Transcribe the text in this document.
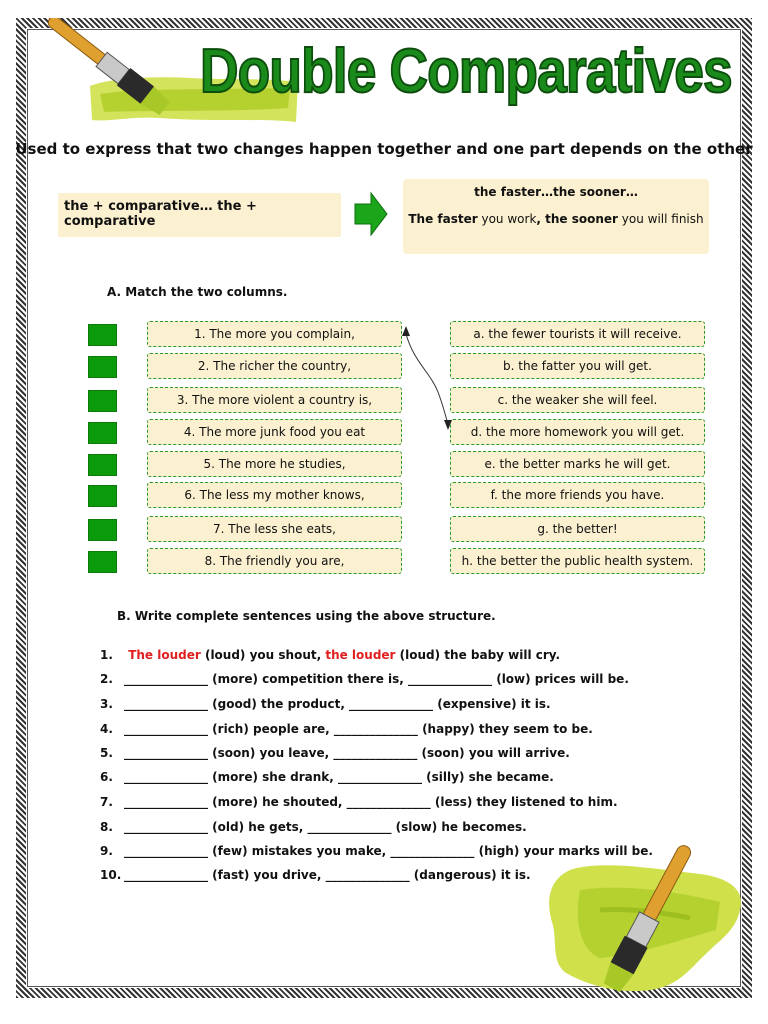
Double Comparatives
Used to express that two changes happen together and one part depends on the other
the + comparative… the + comparative
the faster…the sooner…
The faster you work, the sooner you will finish
A. Match the two columns.
1. The more you complain,
2. The richer the country,
3. The more violent a country is,
4. The more junk food you eat
5. The more he studies,
6. The less my mother knows,
7. The less she eats,
8. The friendly you are,
a. the fewer tourists it will receive.
b. the fatter you will get.
c. the weaker she will feel.
d. the more homework you will get.
e. the better marks he will get.
f. the more friends you have.
g. the better!
h. the better the public health system.
B. Write complete sentences using the above structure.
1. The louder (loud) you shout, the louder (loud) the baby will cry.
2. ______________ (more) competition there is, ______________ (low) prices will be.
3. ______________ (good) the product, ______________ (expensive) it is.
4. ______________ (rich) people are, ______________ (happy) they seem to be.
5. ______________ (soon) you leave, ______________ (soon) you will arrive.
6. ______________ (more) she drank, ______________ (silly) she became.
7. ______________ (more) he shouted, ______________ (less) they listened to him.
8. ______________ (old) he gets, ______________ (slow) he becomes.
9. ______________ (few) mistakes you make, ______________ (high) your marks will be.
10. ______________ (fast) you drive, ______________ (dangerous) it is.
